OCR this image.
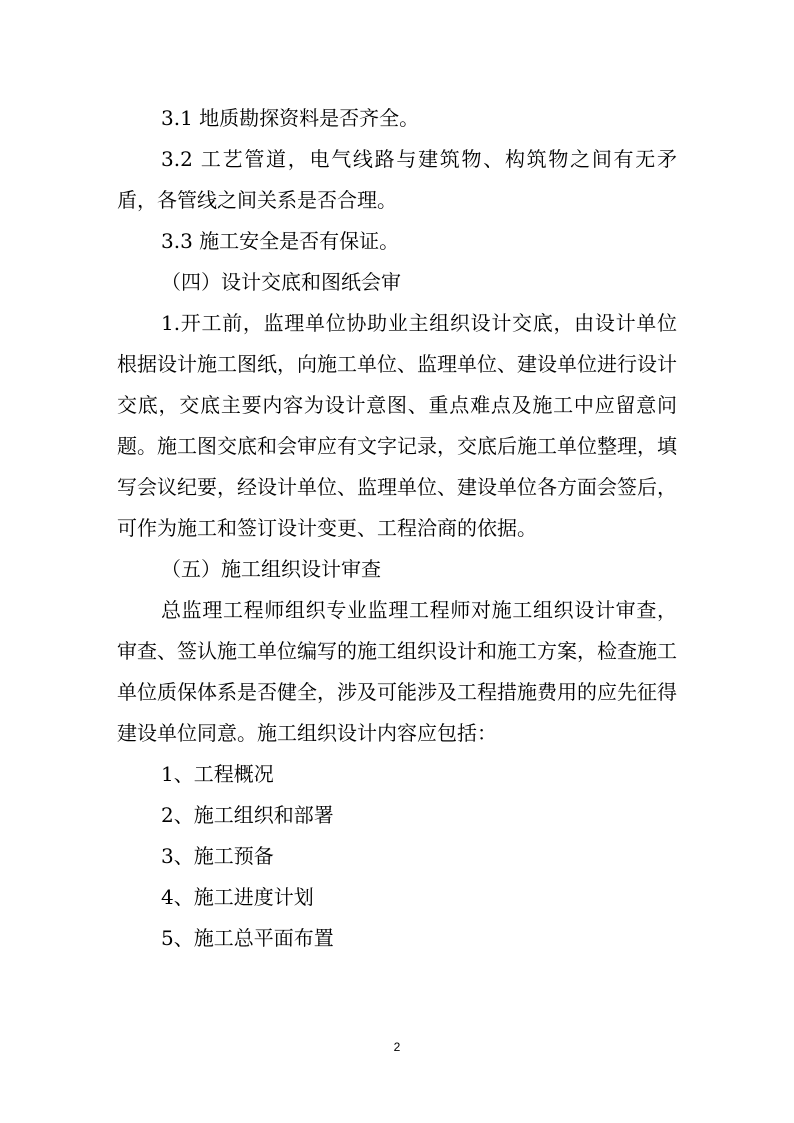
3.1 地质勘探资料是否齐全。

3.2 工艺管道，电气线路与建筑物、构筑物之间有无矛盾，各管线之间关系是否合理。

3.3 施工安全是否有保证。

（四）设计交底和图纸会审

1.开工前，监理单位协助业主组织设计交底，由设计单位根据设计施工图纸，向施工单位、监理单位、建设单位进行设计交底，交底主要内容为设计意图、重点难点及施工中应留意问题。施工图交底和会审应有文字记录，交底后施工单位整理，填写会议纪要，经设计单位、监理单位、建设单位各方面会签后，可作为施工和签订设计变更、工程洽商的依据。

（五）施工组织设计审查

总监理工程师组织专业监理工程师对施工组织设计审查，审查、签认施工单位编写的施工组织设计和施工方案，检查施工单位质保体系是否健全，涉及可能涉及工程措施费用的应先征得建设单位同意。施工组织设计内容应包括：

1、工程概况

2、施工组织和部署

3、施工预备

4、施工进度计划

5、施工总平面布置

2
